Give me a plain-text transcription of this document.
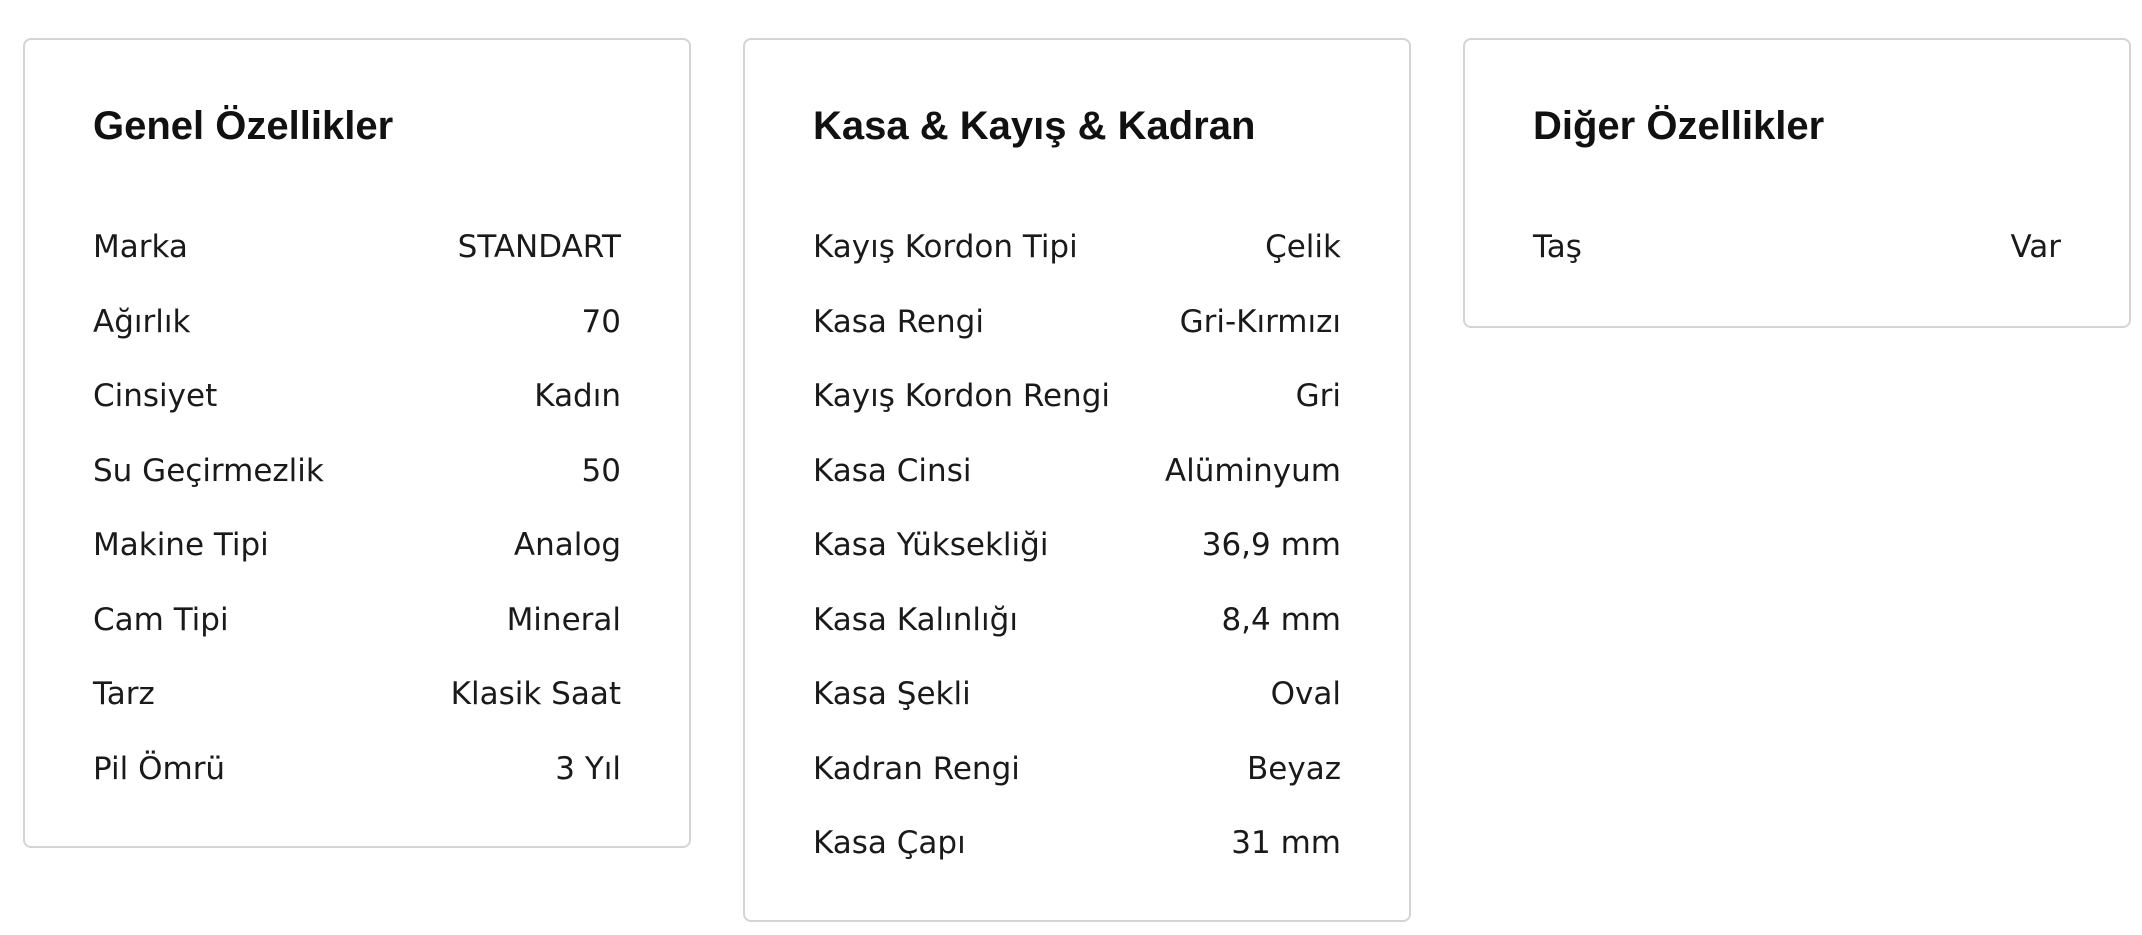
Genel Özellikler
Marka	STANDART
Ağırlık	70
Cinsiyet	Kadın
Su Geçirmezlik	50
Makine Tipi	Analog
Cam Tipi	Mineral
Tarz	Klasik Saat
Pil Ömrü	3 Yıl
Kasa & Kayış & Kadran
Kayış Kordon Tipi	Çelik
Kasa Rengi	Gri-Kırmızı
Kayış Kordon Rengi	Gri
Kasa Cinsi	Alüminyum
Kasa Yüksekliği	36,9 mm
Kasa Kalınlığı	8,4 mm
Kasa Şekli	Oval
Kadran Rengi	Beyaz
Kasa Çapı	31 mm
Diğer Özellikler
Taş	Var
